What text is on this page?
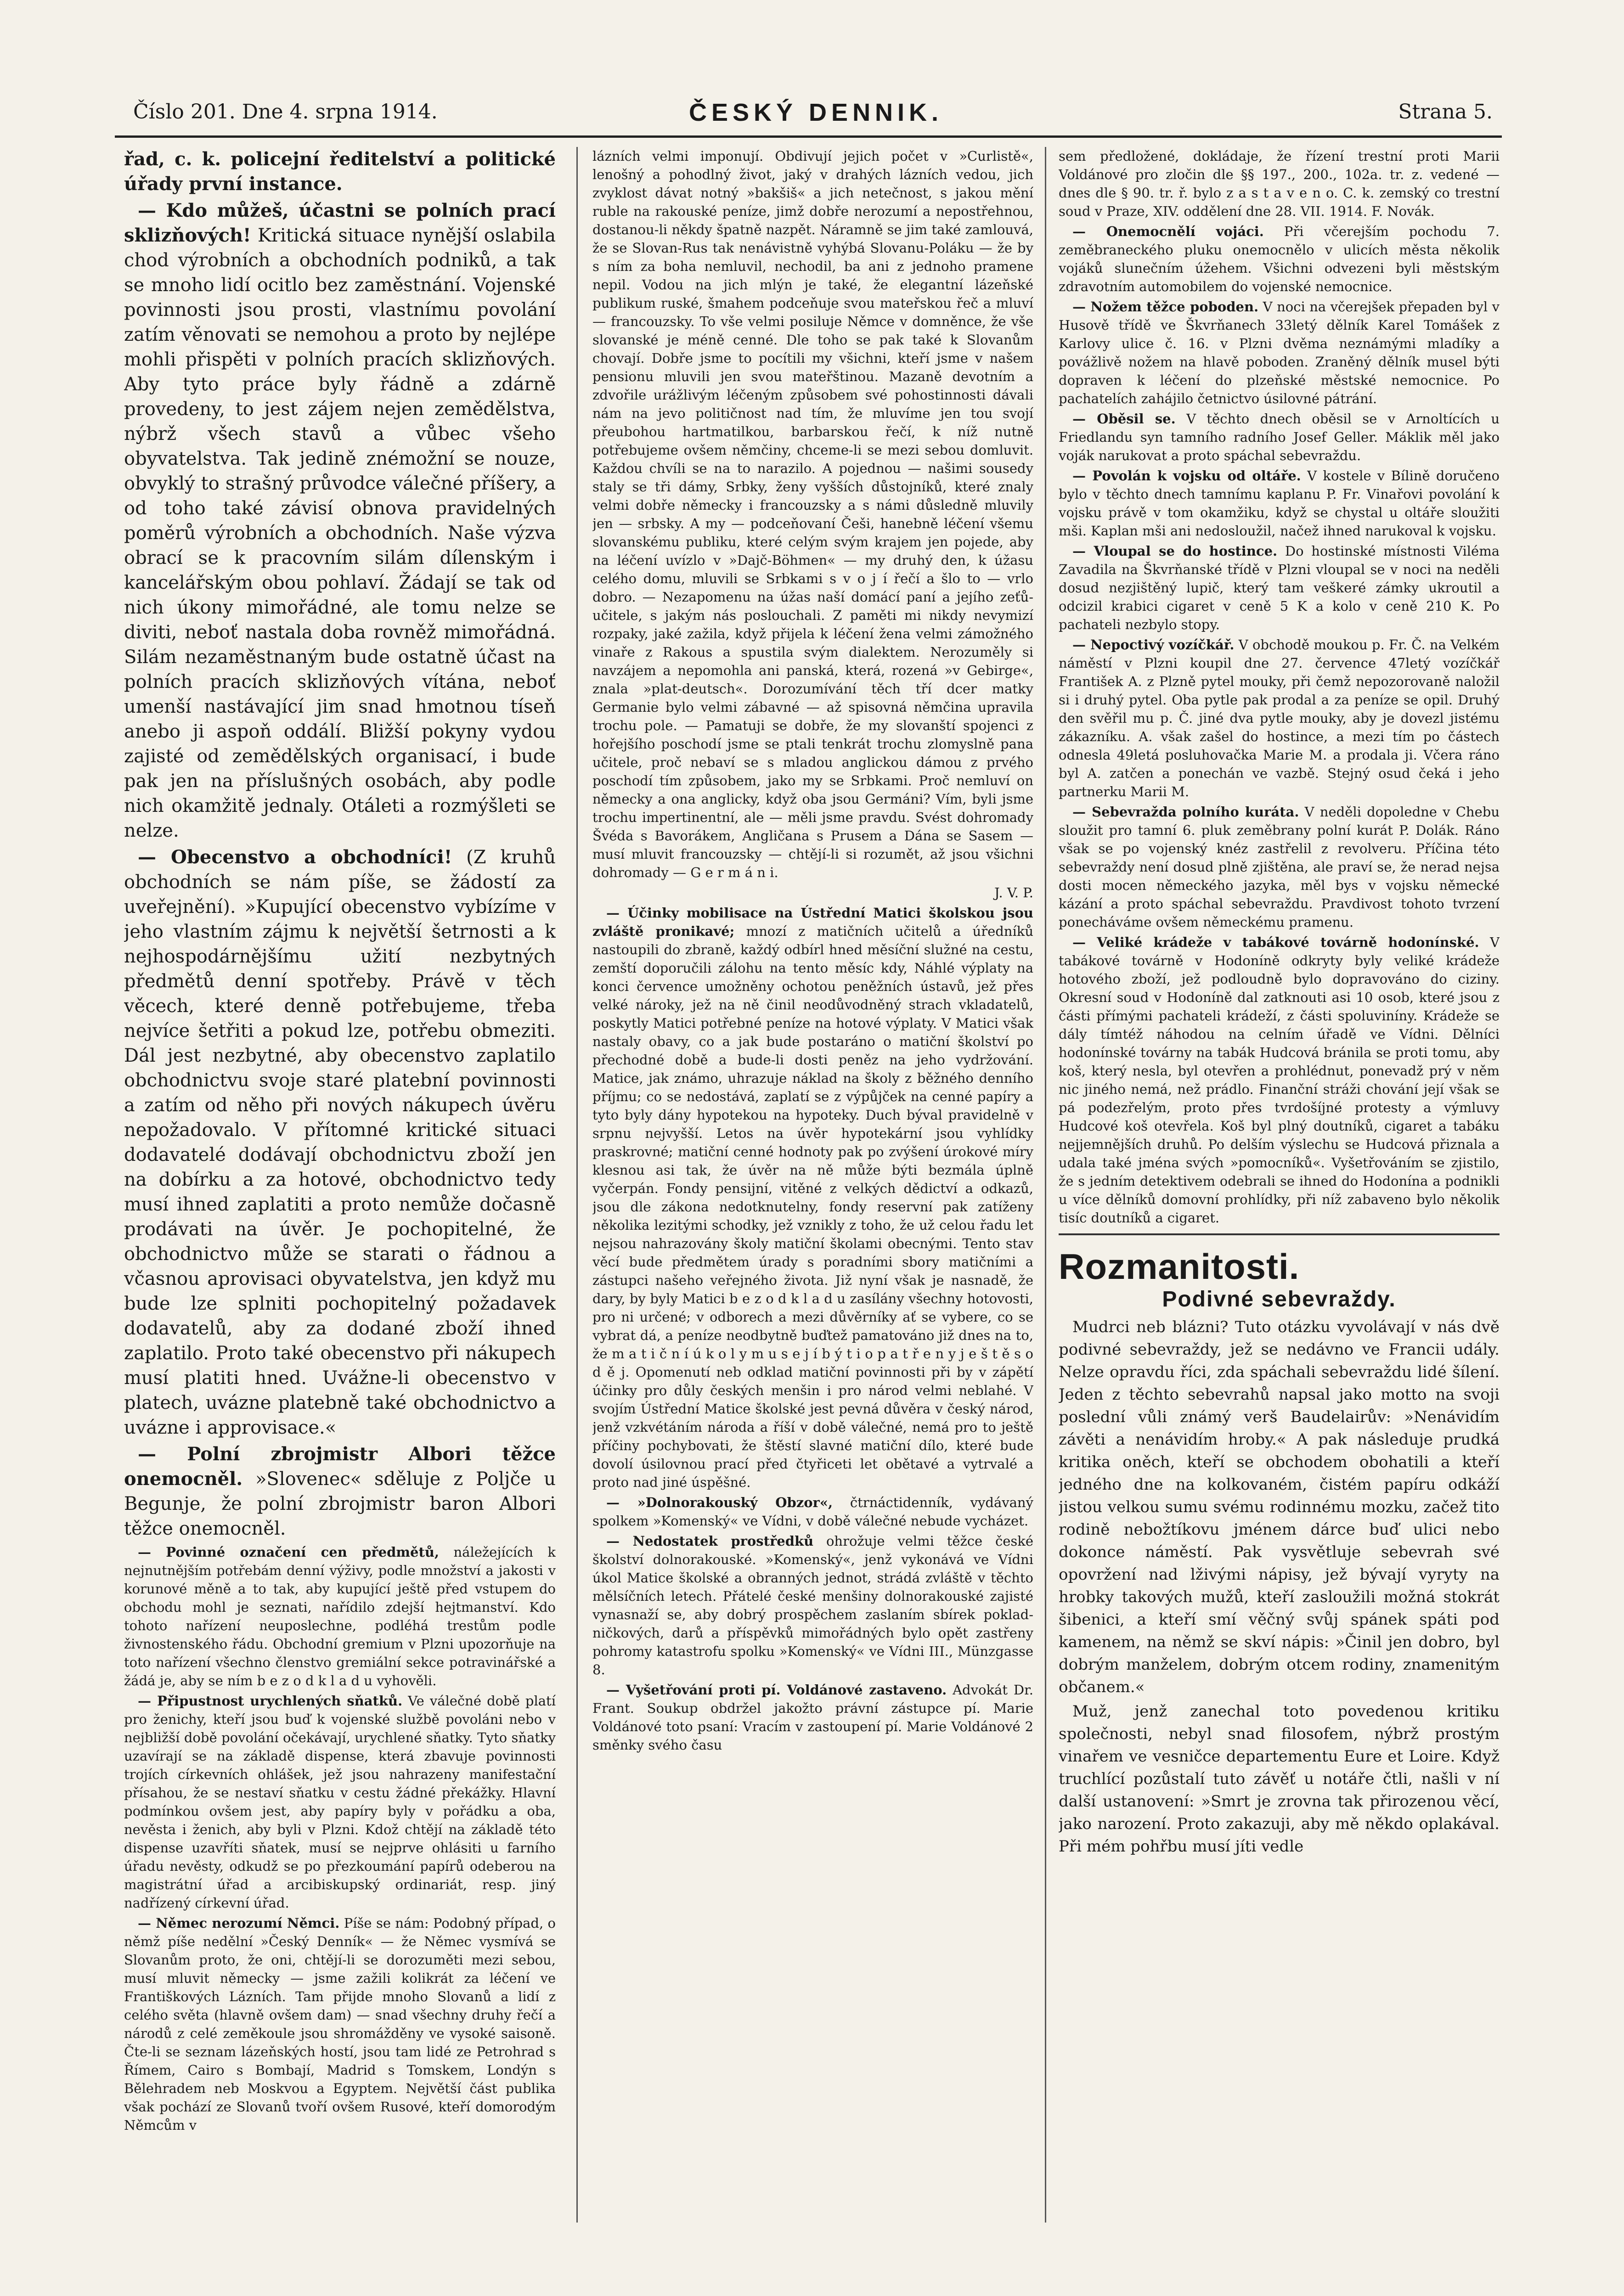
Číslo 201. Dne 4. srpna 1914.	ČESKÝ DENNIK.	Strana 5.

řad, c. k. policejní ředitelství a politické úřady první instance.

— Kdo můžeš, účastni se polních prací sklizňových! Kritická situace nynější oslabila chod výrobních a obchodních podniků, a tak se mnoho lidí ocitlo bez zaměstnání. Vojenské povinnosti jsou prosti, vlastnímu povolání zatím věnovati se nemohou a proto by nejlépe mohli přispěti v polních pracích sklizňových. Aby tyto práce byly řádně a zdárně provedeny, to jest zájem nejen zemědělstva, nýbrž všech stavů a vůbec všeho obyvatelstva. Tak jedině znémožní se nouze, obvyklý to strašný průvodce válečné příšery, a od toho také závisí obnova pravidelných poměrů výrobních a obchodních. Naše výzva obrací se k pracovním silám dílenským i kancelářským obou pohlaví. Žádají se tak od nich úkony mimořádné, ale tomu nelze se diviti, neboť nastala doba rovněž mimořádná. Silám nezaměstnaným bude ostatně účast na polních pracích sklizňových vítána, neboť umenší nastávající jim snad hmotnou tíseň anebo ji aspoň oddálí. Bližší pokyny vydou zajisté od zemědělských organisací, i bude pak jen na příslušných osobách, aby podle nich okamžitě jednaly. Otáleti a rozmýšleti se nelze.

— Obecenstvo a obchodníci! (Z kruhů obchodních se nám píše, se žádostí za uveřejnění). »Kupující obecenstvo vybízíme v jeho vlastním zájmu k největší šetrnosti a k nejhospodárnějšímu užití nezbytných předmětů denní spotřeby. Právě v těch věcech, které denně potřebujeme, třeba nejvíce šetřiti a pokud lze, potřebu obmeziti. Dál jest nezbytné, aby obecenstvo zaplatilo obchodnictvu svoje staré platební povinnosti a zatím od něho při nových nákupech úvěru nepožadovalo. V přítomné kritické situaci dodavatelé dodávají obchodnictvu zboží jen na dobírku a za hotové, obchodnictvo tedy musí ihned zaplatiti a proto nemůže dočasně prodávati na úvěr. Je pochopitelné, že obchodnictvo může se starati o řádnou a včasnou aprovisaci obyvatelstva, jen když mu bude lze splniti pochopitelný požadavek dodavatelů, aby za dodané zboží ihned zaplatilo. Proto také obecenstvo při nákupech musí platiti hned. Uvážne-li obecenstvo v platech, uvázne platebně také obchodnictvo a uvázne i approvisace.«

— Polní zbrojmistr Albori těžce onemocněl. »Slovenec« sděluje z Poljče u Begunje, že polní zbrojmistr baron Albori těžce onemocněl.

— Povinné označení cen předmětů, náležejících k nejnutnějším potřebám denní výživy, podle množství a jakosti v korunové měně a to tak, aby kupující ještě před vstupem do obchodu mohl je seznati, nařídilo zdejší hejtmanství. Kdo tohoto nařízení neuposlechne, podléhá trestům podle živnostenského řádu. Obchodní gremium v Plzni upozorňuje na toto nařízení všechno členstvo gremiální sekce potravinářské a žádá je, aby se ním b e z o d k l a d u vyhověli.

— Připustnost urychlených sňatků. Ve válečné době platí pro ženichy, kteří jsou buď k vojenské službě povoláni nebo v nejbližší době povolání očekávají, urychlené sňatky. Tyto sňatky uzavírají se na základě dispense, která zbavuje povinnosti trojích církevních ohlášek, jež jsou nahrazeny manifestační přísahou, že se nestaví sňatku v cestu žádné překážky. Hlavní podmínkou ovšem jest, aby papíry byly v pořádku a oba, nevěsta i ženich, aby byli v Plzni. Kdož chtějí na základě této dispense uzavříti sňatek, musí se nejprve ohlásiti u farního úřadu nevěsty, odkudž se po přezkoumání papírů odeberou na magistrátní úřad a arcibiskupský ordinariát, resp. jiný nadřízený církevní úřad.

— Němec nerozumí Němci. Píše se nám: Podobný případ, o němž píše nedělní »Český Denník« — že Němec vysmívá se Slovanům proto, že oni, chtějí-li se dorozuměti mezi sebou, musí mluvit německy — jsme zažili kolikrát za léčení ve Františkových Lázních. Tam přijde mnoho Slovanů a lidí z celého světa (hlavně ovšem dam) — snad všechny druhy řečí a národů z celé zeměkoule jsou shromážděny ve vysoké saisoně. Čte-li se seznam lázeňských hostí, jsou tam lidé ze Petrohrad s Římem, Cairo s Bombají, Madrid s Tomskem, Londýn s Bělehradem neb Moskvou a Egyptem. Největší část publika však pochází ze Slovanů tvoří ovšem Rusové, kteří domorodým Němcům v

lázních velmi imponují. Obdivují jejich počet v »Curlistě«, lenošný a pohodlný život, jaký v drahých lázních vedou, jich zvyklost dávat notný »bakšiš« a jich netečnost, s jakou mění ruble na rakouské peníze, jimž dobře nerozumí a nepostřehnou, dostanou-li někdy špatně nazpět. Náramně se jim také zamlouvá, že se Slovan-Rus tak nenávistně vyhýbá Slovanu-Poláku — že by s ním za boha nemluvil, nechodil, ba ani z jednoho pramene nepil. Vodou na jich mlýn je také, že elegantní lázeňské publikum ruské, šmahem podceňuje svou mateřskou řeč a mluví — francouzsky. To vše velmi posiluje Němce v domněnce, že vše slovanské je méně cenné. Dle toho se pak také k Slovanům chovají. Dobře jsme to pocítili my všichni, kteří jsme v našem pensionu mluvili jen svou mateřštinou. Mazaně devotním a zdvořile urážlivým léčeným způsobem své pohostinnosti dávali nám na jevo političnost nad tím, že mluvíme jen tou svojí přeubohou hartmatilkou, barbarskou řečí, k níž nutně potřebujeme ovšem němčiny, chceme-li se mezi sebou domluvit. Každou chvíli se na to narazilo. A pojednou — našimi sousedy staly se tři dámy, Srbky, ženy vyšších důstojníků, které znaly velmi dobře německy i francouzsky a s námi důsledně mluvily jen — srbsky. A my — podceňovaní Češi, hanebně léčení všemu slovanskému publiku, které celým svým krajem jen pojede, aby na léčení uvízlo v »Dajč-Böhmen« — my druhý den, k úžasu celého domu, mluvili se Srbkami s v o j í řečí a šlo to — vrlo dobro. — Nezapomenu na úžas naší domácí paní a jejího zeťů-učitele, s jakým nás poslouchali. Z paměti mi nikdy nevymizí rozpaky, jaké zažila, když přijela k léčení žena velmi zámožného vinaře z Rakous a spustila svým dialektem. Nerozuměly si navzájem a nepomohla ani panská, která, rozená »v Gebirge«, znala »plat-deutsch«. Dorozumívání těch tří dcer matky Germanie bylo velmi zábavné — až spisovná němčina upravila trochu pole. — Pamatuji se dobře, že my slovanští spojenci z hořejšího poschodí jsme se ptali tenkrát trochu zlomyslně pana učitele, proč nebaví se s mladou anglickou dámou z prvého poschodí tím způsobem, jako my se Srbkami. Proč nemluví on německy a ona anglicky, když oba jsou Germáni? Vím, byli jsme trochu impertinentní, ale — měli jsme pravdu. Svést dohromady Švéda s Bavorákem, Angličana s Prusem a Dána se Sasem — musí mluvit francouzsky — chtějí-li si rozumět, až jsou všichni dohromady — G e r m á n i.

J. V. P.

— Účinky mobilisace na Ústřední Matici školskou jsou zvláště pronikavé; mnozí z matičních učitelů a úředníků nastoupili do zbraně, každý odbírl hned měsíční služné na cestu, zemští doporučili zálohu na tento měsíc kdy, Náhlé výplaty na konci července umožněny ochotou peněžních ústavů, jež přes velké nároky, jež na ně činil neodůvodněný strach vkladatelů, poskytly Matici potřebné peníze na hotové výplaty. V Matici však nastaly obavy, co a jak bude postaráno o matiční školství po přechodné době a bude-li dosti peněz na jeho vydržování. Matice, jak známo, uhrazuje náklad na školy z běžného denního příjmu; co se nedostává, zaplatí se z výpůjček na cenné papíry a tyto byly dány hypotekou na hypoteky. Duch býval pravidelně v srpnu nejvyšší. Letos na úvěr hypotekární jsou vyhlídky praskrovné; matiční cenné hodnoty pak po zvýšení úrokové míry klesnou asi tak, že úvěr na ně může býti bezmála úplně vyčerpán. Fondy pensijní, vitěné z velkých dědictví a odkazů, jsou dle zákona nedotknutelny, fondy reservní pak zatíženy několika lezitými schodky, jež vznikly z toho, že už celou řadu let nejsou nahrazovány školy matiční školami obecnými. Tento stav věcí bude předmětem úrady s poradními sbory matičními a zástupci našeho veřejného života. Již nyní však je nasnadě, že dary, by byly Matici b e z o d k l a d u zasílány všechny hotovosti, pro ni určené; v odborech a mezi důvěrníky ať se vybere, co se vybrat dá, a peníze neodbytně buďtež pamatováno již dnes na to, že m a t i č n í ú k o l y m u s e j í b ý t i o p a t ř e n y j e š t ě s o d ě j. Opomenutí neb odklad matiční povinnosti při by v zápětí účinky pro důly českých menšin i pro národ velmi neblahé. V svojím Ústřední Matice školské jest pevná důvěra v český národ, jenž vzkvétáním národa a říší v době válečné, nemá pro to ještě příčiny pochybovati, že štěstí slavné matiční dílo, které bude dovolí úsilovnou prací před čtyřiceti let obětavé a vytrvalé a proto nad jiné úspěšné.

— »Dolnorakouský Obzor«, čtrnáctidenník, vydávaný spolkem »Komenský« ve Vídni, v době válečné nebude vycházet.

— Nedostatek prostředků ohrožuje velmi těžce české školství dolnorakouské. »Komenský«, jenž vykonává ve Vídni úkol Matice školské a obranných jednot, strádá zvláště v těchto mělsíčních letech. Přátelé české menšiny dolnorakouské zajisté vynasnaží se, aby dobrý prospěchem zaslaním sbírek poklad-ničkových, darů a příspěvků mimořádných bylo opět zastřeny pohromy katastrofu spolku »Komenský« ve Vídni III., Münzgasse 8.

— Vyšetřování proti pí. Voldánové zastaveno. Advokát Dr. Frant. Soukup obdržel jakožto právní zástupce pí. Marie Voldánové toto psaní: Vracím v zastoupení pí. Marie Voldánové 2 směnky svého času

sem předložené, dokládaje, že řízení trestní proti Marii Voldánové pro zločin dle §§ 197., 200., 102a. tr. z. vedené — dnes dle § 90. tr. ř. bylo z a s t a v e n o. C. k. zemský co trestní soud v Praze, XIV. oddělení dne 28. VII. 1914. F. Novák.

— Onemocnělí vojáci. Při včerejším pochodu 7. zeměbraneckého pluku onemocnělo v ulicích města několik vojáků slunečním úžehem. Všichni odvezeni byli městským zdravotním automobilem do vojenské nemocnice.

— Nožem těžce poboden. V noci na včerejšek přepaden byl v Husově třídě ve Škvrňanech 33letý dělník Karel Tomášek z Karlovy ulice č. 16. v Plzni dvěma neznámými mladíky a povážlivě nožem na hlavě poboden. Zraněný dělník musel býti dopraven k léčení do plzeňské městské nemocnice. Po pachatelích zahájilo četnictvo úsilovné pátrání.

— Oběsil se. V těchto dnech oběsil se v Arnoltících u Friedlandu syn tamního radního Josef Geller. Máklik měl jako voják narukovat a proto spáchal sebevraždu.

— Povolán k vojsku od oltáře. V kostele v Bílině doručeno bylo v těchto dnech tamnímu kaplanu P. Fr. Vinařovi povolání k vojsku právě v tom okamžiku, když se chystal u oltáře sloužiti mši. Kaplan mši ani nedosloužil, načež ihned narukoval k vojsku.

— Vloupal se do hostince. Do hostinské místnosti Viléma Zavadila na Škvrňanské třídě v Plzni vloupal se v noci na neděli dosud nezjištěný lupič, který tam veškeré zámky ukroutil a odcizil krabici cigaret v ceně 5 K a kolo v ceně 210 K. Po pachateli nezbylo stopy.

— Nepoctivý vozíčkář. V obchodě moukou p. Fr. Č. na Velkém náměstí v Plzni koupil dne 27. července 47letý vozíčkář František A. z Plzně pytel mouky, při čemž nepozorovaně naložil si i druhý pytel. Oba pytle pak prodal a za peníze se opil. Druhý den svěřil mu p. Č. jiné dva pytle mouky, aby je dovezl jistému zákazníku. A. však zašel do hostince, a mezi tím po částech odnesla 49letá posluhovačka Marie M. a prodala ji. Včera ráno byl A. zatčen a ponechán ve vazbě. Stejný osud čeká i jeho partnerku Marii M.

— Sebevražda polního kuráta. V neděli dopoledne v Chebu sloužit pro tamní 6. pluk zeměbrany polní kurát P. Dolák. Ráno však se po vojenský knéz zastřelil z revolveru. Příčina této sebevraždy není dosud plně zjištěna, ale praví se, že nerad nejsa dosti mocen německého jazyka, měl bys v vojsku německé kázání a proto spáchal sebevraždu. Pravdivost tohoto tvrzení ponecháváme ovšem německému pramenu.

— Veliké krádeže v tabákové továrně hodonínské. V tabákové továrně v Hodoníně odkryty byly veliké krádeže hotového zboží, jež podloudně bylo dopravováno do ciziny. Okresní soud v Hodoníně dal zatknouti asi 10 osob, které jsou z části přímými pachateli krádeží, z části spoluviníny. Krádeže se dály tímtéž náhodou na celním úřadě ve Vídni. Dělníci hodonínské továrny na tabák Hudcová bránila se proti tomu, aby koš, který nesla, byl otevřen a prohlédnut, ponevadž prý v něm nic jiného nemá, než prádlo. Finanční stráži chování její však se pá podezřelým, proto přes tvrdošíjné protesty a výmluvy Hudcové koš otevřela. Koš byl plný doutníků, cigaret a tabáku nejjemnějších druhů. Po delším výslechu se Hudcová přiznala a udala také jména svých »pomocníků«. Vyšetřováním se zjistilo, že s jedním detektivem odebrali se ihned do Hodonína a podnikli u více dělníků domovní prohlídky, při níž zabaveno bylo několik tisíc doutníků a cigaret.

Rozmanitosti.
Podivné sebevraždy.

Mudrci neb blázni? Tuto otázku vyvolávají v nás dvě podivné sebevraždy, jež se nedávno ve Francii udály. Nelze opravdu říci, zda spáchali sebevraždu lidé šílení. Jeden z těchto sebevrahů napsal jako motto na svoji poslední vůli známý verš Baudelairův: »Nenávidím závěti a nenávidím hroby.« A pak následuje prudká kritika oněch, kteří se obchodem obohatili a kteří jedného dne na kolkovaném, čistém papíru odkáží jistou velkou sumu svému rodinnému mozku, začež tito rodině nebožtíkovu jménem dárce buď ulici nebo dokonce náměstí. Pak vysvětluje sebevrah své opovržení nad lživými nápisy, jež bývají vyryty na hrobky takových mužů, kteří zasloužili možná stokrát šibenici, a kteří smí věčný svůj spánek spáti pod kamenem, na němž se skví nápis: »Činil jen dobro, byl dobrým manželem, dobrým otcem rodiny, znamenitým občanem.«

Muž, jenž zanechal toto povedenou kritiku společnosti, nebyl snad filosofem, nýbrž prostým vinařem ve vesničce departementu Eure et Loire. Když truchlící pozůstalí tuto závěť u notáře čtli, našli v ní další ustanovení: »Smrt je zrovna tak přirozenou věcí, jako narození. Proto zakazuji, aby mě někdo oplakával. Při mém pohřbu musí jíti vedle
